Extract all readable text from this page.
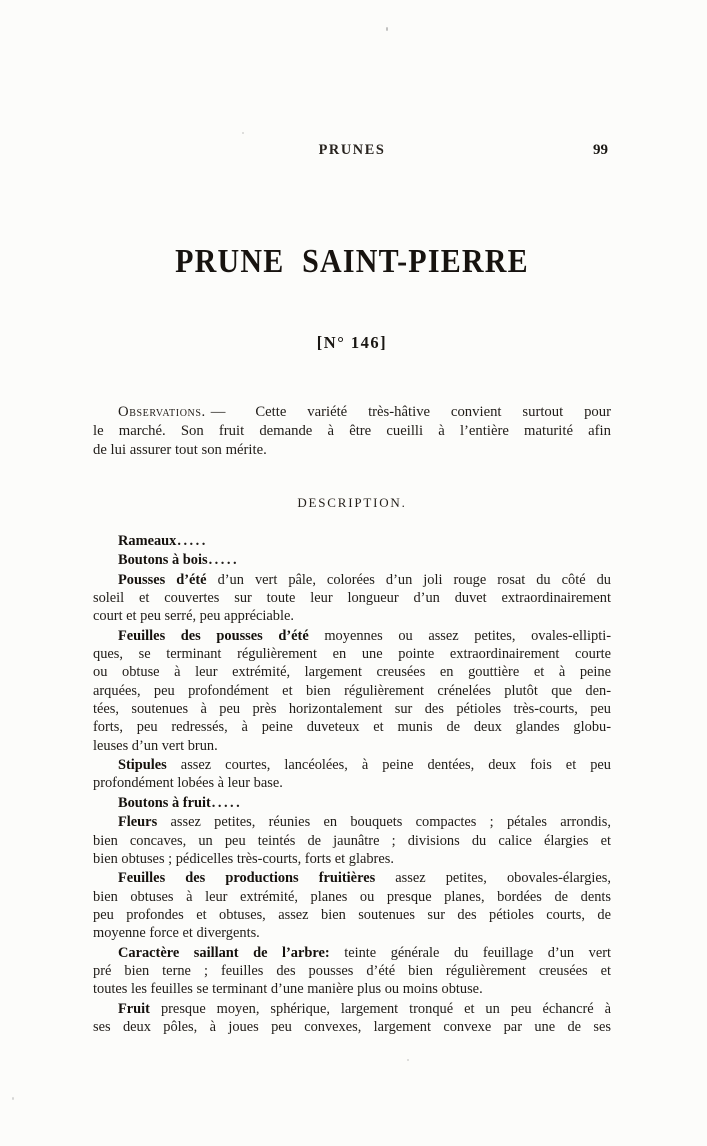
PRUNES	99
PRUNE SAINT-PIERRE
[N° 146]
Observations. — Cette variété très-hâtive convient surtout pour
le marché. Son fruit demande à être cueilli à l’entière maturité afin
de lui assurer tout son mérite.
DESCRIPTION.
Rameaux.....
Boutons à bois.....
Pousses d’été d’un vert pâle, colorées d’un joli rouge rosat du côté du
soleil et couvertes sur toute leur longueur d’un duvet extraordinairement
court et peu serré, peu appréciable.
Feuilles des pousses d’été moyennes ou assez petites, ovales-ellipti-
ques, se terminant régulièrement en une pointe extraordinairement courte
ou obtuse à leur extrémité, largement creusées en gouttière et à peine
arquées, peu profondément et bien régulièrement crénelées plutôt que den-
tées, soutenues à peu près horizontalement sur des pétioles très-courts, peu
forts, peu redressés, à peine duveteux et munis de deux glandes globu-
leuses d’un vert brun.
Stipules assez courtes, lancéolées, à peine dentées, deux fois et peu
profondément lobées à leur base.
Boutons à fruit.....
Fleurs assez petites, réunies en bouquets compactes ; pétales arrondis,
bien concaves, un peu teintés de jaunâtre ; divisions du calice élargies et
bien obtuses ; pédicelles très-courts, forts et glabres.
Feuilles des productions fruitières assez petites, obovales-élargies,
bien obtuses à leur extrémité, planes ou presque planes, bordées de dents
peu profondes et obtuses, assez bien soutenues sur des pétioles courts, de
moyenne force et divergents.
Caractère saillant de l’arbre: teinte générale du feuillage d’un vert
pré bien terne ; feuilles des pousses d’été bien régulièrement creusées et
toutes les feuilles se terminant d’une manière plus ou moins obtuse.
Fruit presque moyen, sphérique, largement tronqué et un peu échancré à
ses deux pôles, à joues peu convexes, largement convexe par une de ses
